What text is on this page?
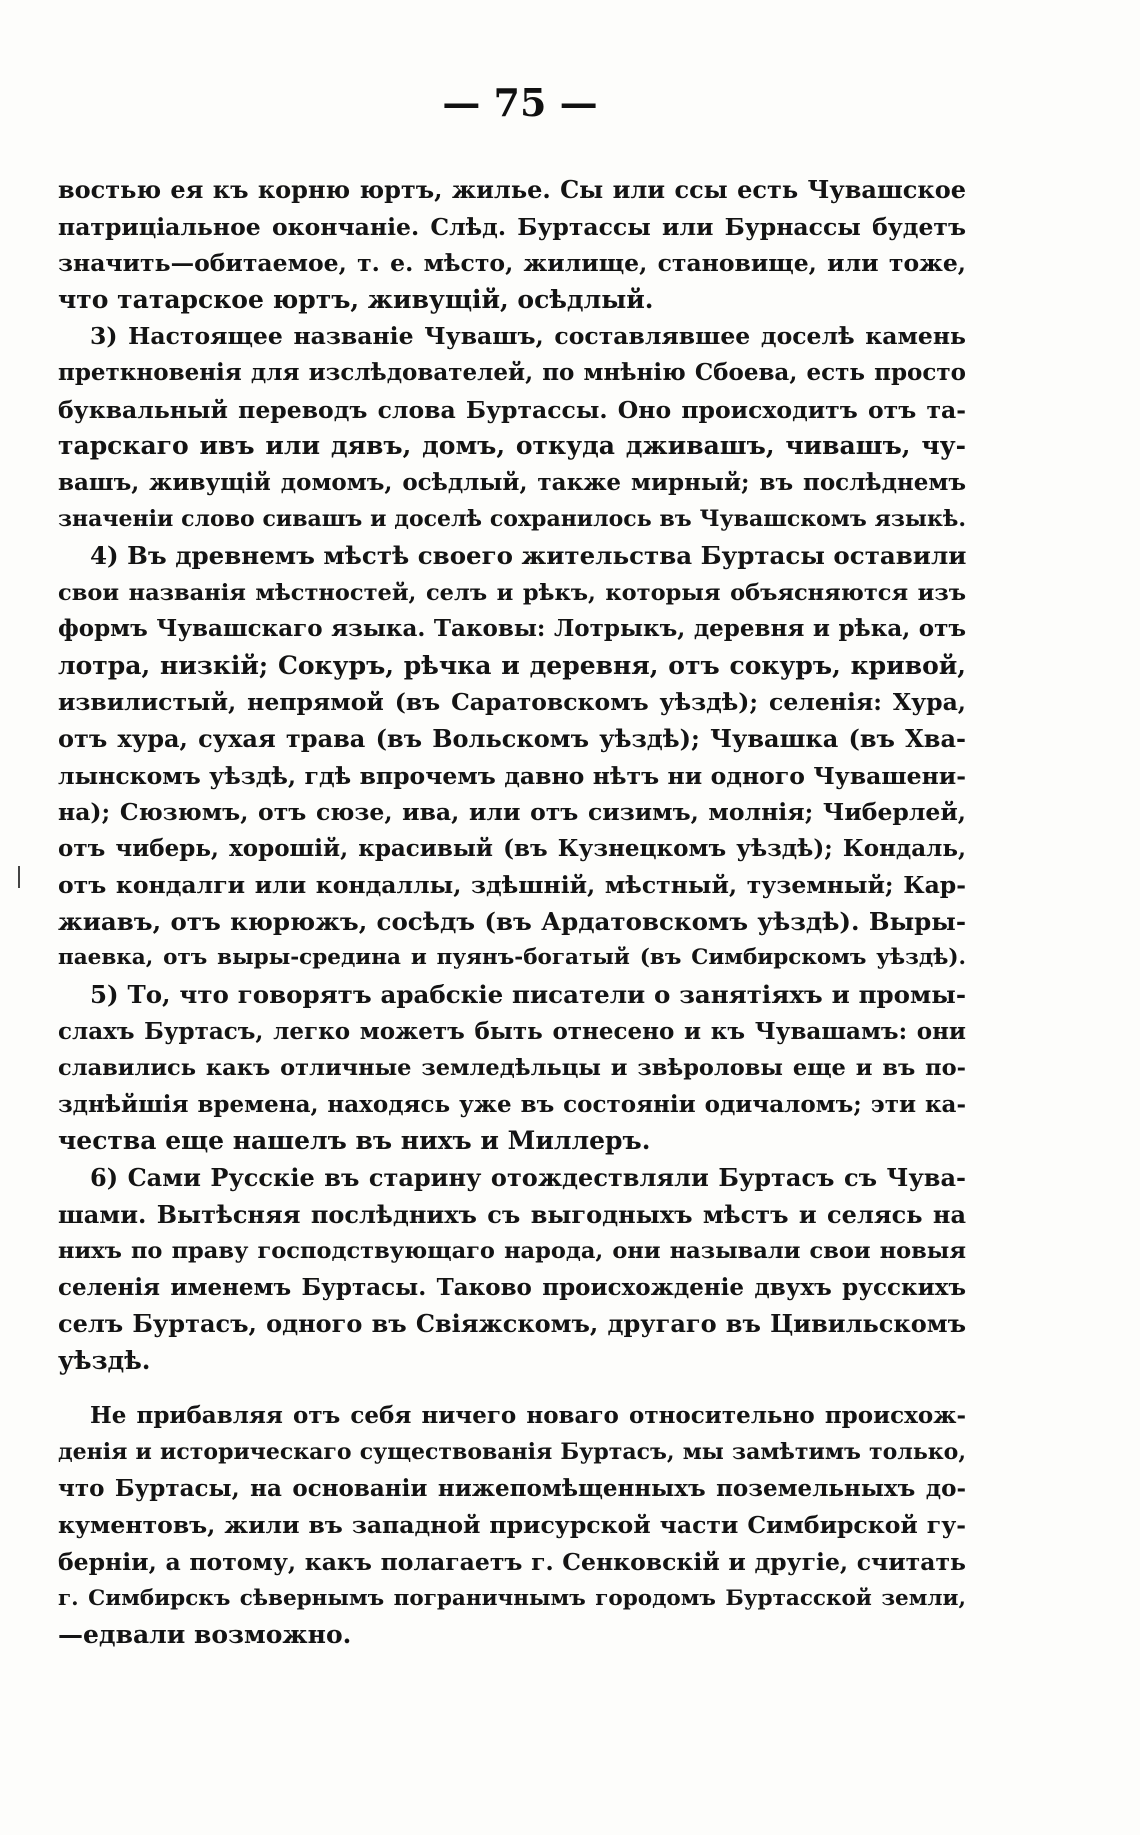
— 75 —
востью ея къ корню юртъ, жилье. Сы или ссы есть Чувашское
патриціальное окончаніе. Слѣд. Буртассы или Бурнассы будетъ
значить—обитаемое, т. е. мѣсто, жилище, становище, или тоже,
что татарское юртъ, живущій, осѣдлый.
3) Настоящее названіе Чувашъ, составлявшее доселѣ камень
преткновенія для изслѣдователей, по мнѣнію Сбоева, есть просто
буквальный переводъ слова Буртассы. Оно происходитъ отъ та-
тарскаго ивъ или дявъ, домъ, откуда дживашъ, чивашъ, чу-
вашъ, живущій домомъ, осѣдлый, также мирный; въ послѣднемъ
значеніи слово сивашъ и доселѣ сохранилось въ Чувашскомъ языкѣ.
4) Въ древнемъ мѣстѣ своего жительства Буртасы оставили
свои названія мѣстностей, селъ и рѣкъ, которыя объясняются изъ
формъ Чувашскаго языка. Таковы: Лотрыкъ, деревня и рѣка, отъ
лотра, низкій; Сокуръ, рѣчка и деревня, отъ сокуръ, кривой,
извилистый, непрямой (въ Саратовскомъ уѣздѣ); селенія: Хура,
отъ хура, сухая трава (въ Вольскомъ уѣздѣ); Чувашка (въ Хва-
лынскомъ уѣздѣ, гдѣ впрочемъ давно нѣтъ ни одного Чувашени-
на); Сюзюмъ, отъ сюзе, ива, или отъ сизимъ, молнія; Чиберлей,
отъ чиберь, хорошій, красивый (въ Кузнецкомъ уѣздѣ); Кондаль,
отъ кондалги или кондаллы, здѣшній, мѣстный, туземный; Кар-
жиавъ, отъ кюрюжъ, сосѣдъ (въ Ардатовскомъ уѣздѣ). Выры-
паевка, отъ выры-средина и пуянъ-богатый (въ Симбирскомъ уѣздѣ).
5) То, что говорятъ арабскіе писатели о занятіяхъ и промы-
слахъ Буртасъ, легко можетъ быть отнесено и къ Чувашамъ: они
славились какъ отличные земледѣльцы и звѣроловы еще и въ по-
зднѣйшія времена, находясь уже въ состояніи одичаломъ; эти ка-
чества еще нашелъ въ нихъ и Миллеръ.
6) Сами Русскіе въ старину отождествляли Буртасъ съ Чува-
шами. Вытѣсняя послѣднихъ съ выгодныхъ мѣстъ и селясь на
нихъ по праву господствующаго народа, они называли свои новыя
селенія именемъ Буртасы. Таково происхожденіе двухъ русскихъ
селъ Буртасъ, одного въ Свіяжскомъ, другаго въ Цивильскомъ
уѣздѣ.
Не прибавляя отъ себя ничего новаго относительно происхож-
денія и историческаго существованія Буртасъ, мы замѣтимъ только,
что Буртасы, на основаніи нижепомѣщенныхъ поземельныхъ до-
кументовъ, жили въ западной присурской части Симбирской гу-
берніи, а потому, какъ полагаетъ г. Сенковскій и другіе, считать
г. Симбирскъ сѣвернымъ пограничнымъ городомъ Буртасской земли,
—едвали возможно.
